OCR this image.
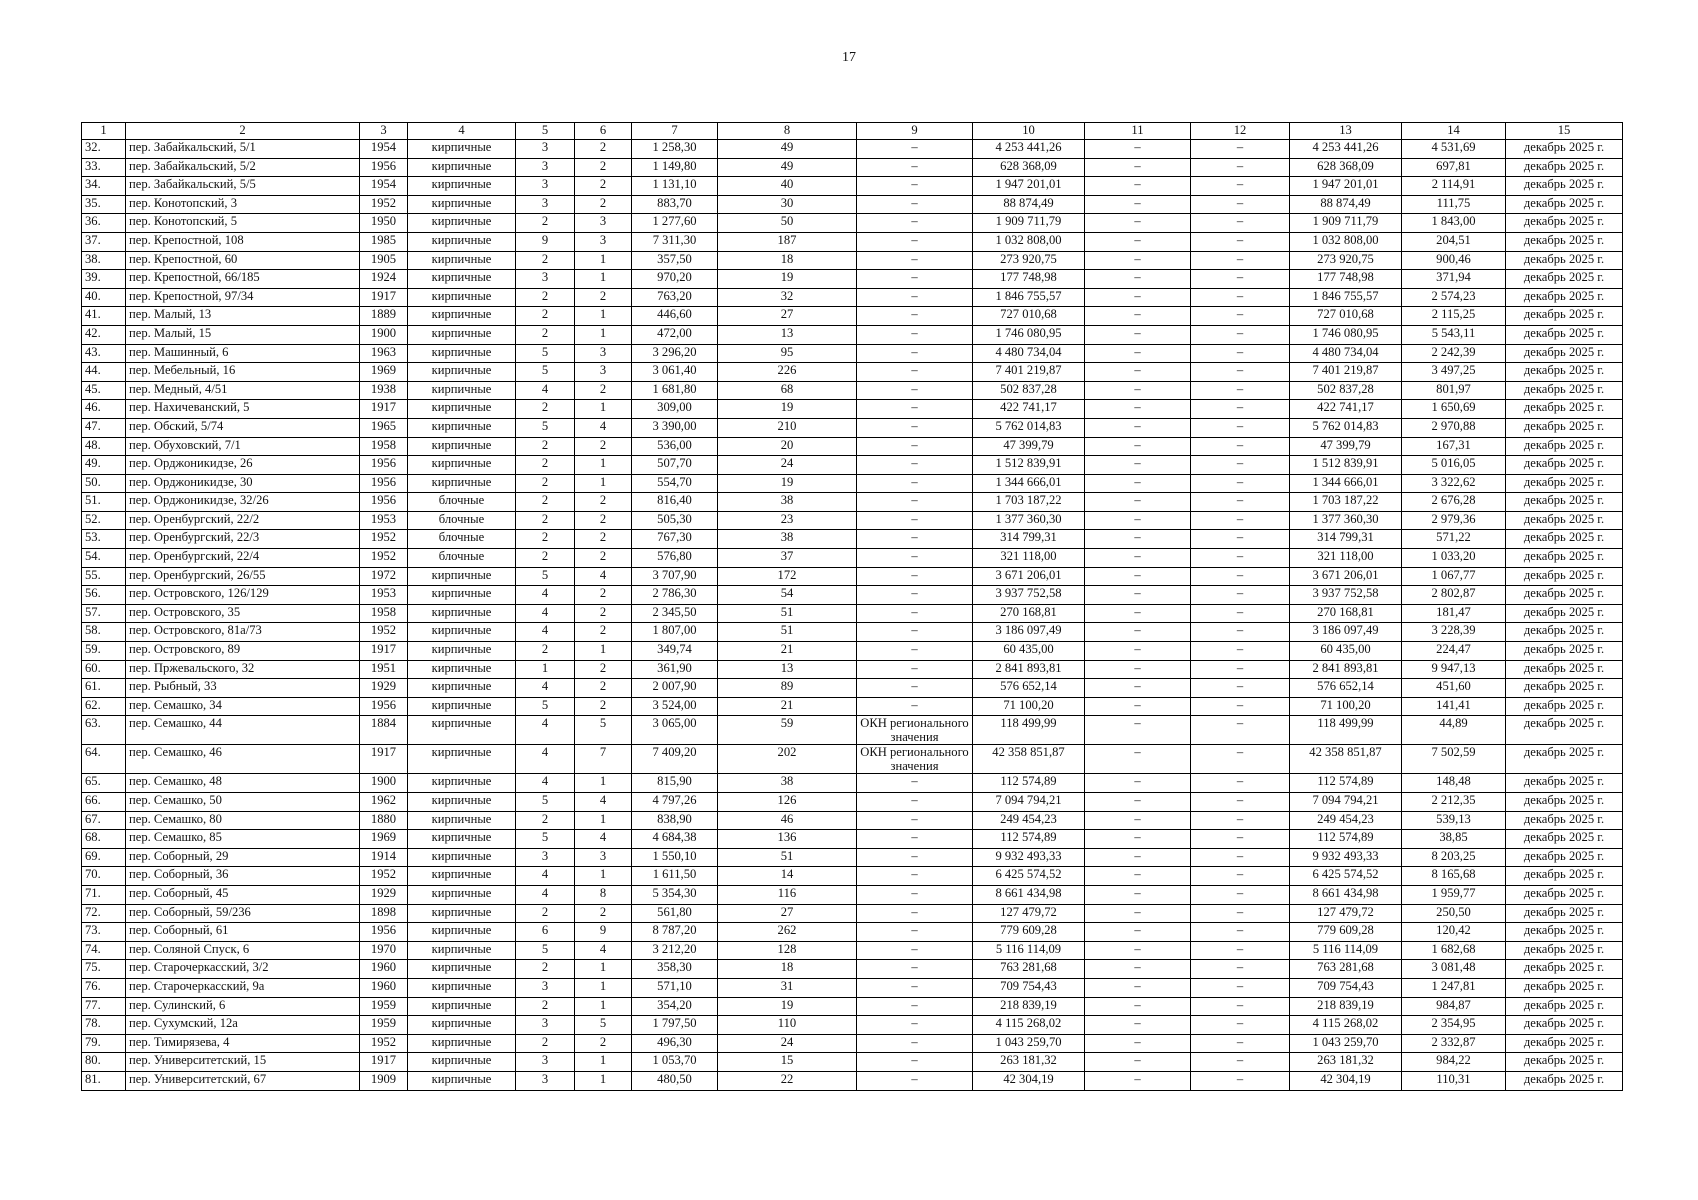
17
1	2	3	4	5	6	7	8	9	10	11	12	13	14	15
32.	пер. Забайкальский, 5/1	1954	кирпичные	3	2	1 258,30	49	–	4 253 441,26	–	–	4 253 441,26	4 531,69	декабрь 2025 г.
33.	пер. Забайкальский, 5/2	1956	кирпичные	3	2	1 149,80	49	–	628 368,09	–	–	628 368,09	697,81	декабрь 2025 г.
34.	пер. Забайкальский, 5/5	1954	кирпичные	3	2	1 131,10	40	–	1 947 201,01	–	–	1 947 201,01	2 114,91	декабрь 2025 г.
35.	пер. Конотопский, 3	1952	кирпичные	3	2	883,70	30	–	88 874,49	–	–	88 874,49	111,75	декабрь 2025 г.
36.	пер. Конотопский, 5	1950	кирпичные	2	3	1 277,60	50	–	1 909 711,79	–	–	1 909 711,79	1 843,00	декабрь 2025 г.
37.	пер. Крепостной, 108	1985	кирпичные	9	3	7 311,30	187	–	1 032 808,00	–	–	1 032 808,00	204,51	декабрь 2025 г.
38.	пер. Крепостной, 60	1905	кирпичные	2	1	357,50	18	–	273 920,75	–	–	273 920,75	900,46	декабрь 2025 г.
39.	пер. Крепостной, 66/185	1924	кирпичные	3	1	970,20	19	–	177 748,98	–	–	177 748,98	371,94	декабрь 2025 г.
40.	пер. Крепостной, 97/34	1917	кирпичные	2	2	763,20	32	–	1 846 755,57	–	–	1 846 755,57	2 574,23	декабрь 2025 г.
41.	пер. Малый, 13	1889	кирпичные	2	1	446,60	27	–	727 010,68	–	–	727 010,68	2 115,25	декабрь 2025 г.
42.	пер. Малый, 15	1900	кирпичные	2	1	472,00	13	–	1 746 080,95	–	–	1 746 080,95	5 543,11	декабрь 2025 г.
43.	пер. Машинный, 6	1963	кирпичные	5	3	3 296,20	95	–	4 480 734,04	–	–	4 480 734,04	2 242,39	декабрь 2025 г.
44.	пер. Мебельный, 16	1969	кирпичные	5	3	3 061,40	226	–	7 401 219,87	–	–	7 401 219,87	3 497,25	декабрь 2025 г.
45.	пер. Медный, 4/51	1938	кирпичные	4	2	1 681,80	68	–	502 837,28	–	–	502 837,28	801,97	декабрь 2025 г.
46.	пер. Нахичеванский, 5	1917	кирпичные	2	1	309,00	19	–	422 741,17	–	–	422 741,17	1 650,69	декабрь 2025 г.
47.	пер. Обский, 5/74	1965	кирпичные	5	4	3 390,00	210	–	5 762 014,83	–	–	5 762 014,83	2 970,88	декабрь 2025 г.
48.	пер. Обуховский, 7/1	1958	кирпичные	2	2	536,00	20	–	47 399,79	–	–	47 399,79	167,31	декабрь 2025 г.
49.	пер. Орджоникидзе, 26	1956	кирпичные	2	1	507,70	24	–	1 512 839,91	–	–	1 512 839,91	5 016,05	декабрь 2025 г.
50.	пер. Орджоникидзе, 30	1956	кирпичные	2	1	554,70	19	–	1 344 666,01	–	–	1 344 666,01	3 322,62	декабрь 2025 г.
51.	пер. Орджоникидзе, 32/26	1956	блочные	2	2	816,40	38	–	1 703 187,22	–	–	1 703 187,22	2 676,28	декабрь 2025 г.
52.	пер. Оренбургский, 22/2	1953	блочные	2	2	505,30	23	–	1 377 360,30	–	–	1 377 360,30	2 979,36	декабрь 2025 г.
53.	пер. Оренбургский, 22/3	1952	блочные	2	2	767,30	38	–	314 799,31	–	–	314 799,31	571,22	декабрь 2025 г.
54.	пер. Оренбургский, 22/4	1952	блочные	2	2	576,80	37	–	321 118,00	–	–	321 118,00	1 033,20	декабрь 2025 г.
55.	пер. Оренбургский, 26/55	1972	кирпичные	5	4	3 707,90	172	–	3 671 206,01	–	–	3 671 206,01	1 067,77	декабрь 2025 г.
56.	пер. Островского, 126/129	1953	кирпичные	4	2	2 786,30	54	–	3 937 752,58	–	–	3 937 752,58	2 802,87	декабрь 2025 г.
57.	пер. Островского, 35	1958	кирпичные	4	2	2 345,50	51	–	270 168,81	–	–	270 168,81	181,47	декабрь 2025 г.
58.	пер. Островского, 81а/73	1952	кирпичные	4	2	1 807,00	51	–	3 186 097,49	–	–	3 186 097,49	3 228,39	декабрь 2025 г.
59.	пер. Островского, 89	1917	кирпичные	2	1	349,74	21	–	60 435,00	–	–	60 435,00	224,47	декабрь 2025 г.
60.	пер. Пржевальского, 32	1951	кирпичные	1	2	361,90	13	–	2 841 893,81	–	–	2 841 893,81	9 947,13	декабрь 2025 г.
61.	пер. Рыбный, 33	1929	кирпичные	4	2	2 007,90	89	–	576 652,14	–	–	576 652,14	451,60	декабрь 2025 г.
62.	пер. Семашко, 34	1956	кирпичные	5	2	3 524,00	21	–	71 100,20	–	–	71 100,20	141,41	декабрь 2025 г.
63.	пер. Семашко, 44	1884	кирпичные	4	5	3 065,00	59	ОКН регионального значения	118 499,99	–	–	118 499,99	44,89	декабрь 2025 г.
64.	пер. Семашко, 46	1917	кирпичные	4	7	7 409,20	202	ОКН регионального значения	42 358 851,87	–	–	42 358 851,87	7 502,59	декабрь 2025 г.
65.	пер. Семашко, 48	1900	кирпичные	4	1	815,90	38	–	112 574,89	–	–	112 574,89	148,48	декабрь 2025 г.
66.	пер. Семашко, 50	1962	кирпичные	5	4	4 797,26	126	–	7 094 794,21	–	–	7 094 794,21	2 212,35	декабрь 2025 г.
67.	пер. Семашко, 80	1880	кирпичные	2	1	838,90	46	–	249 454,23	–	–	249 454,23	539,13	декабрь 2025 г.
68.	пер. Семашко, 85	1969	кирпичные	5	4	4 684,38	136	–	112 574,89	–	–	112 574,89	38,85	декабрь 2025 г.
69.	пер. Соборный, 29	1914	кирпичные	3	3	1 550,10	51	–	9 932 493,33	–	–	9 932 493,33	8 203,25	декабрь 2025 г.
70.	пер. Соборный, 36	1952	кирпичные	4	1	1 611,50	14	–	6 425 574,52	–	–	6 425 574,52	8 165,68	декабрь 2025 г.
71.	пер. Соборный, 45	1929	кирпичные	4	8	5 354,30	116	–	8 661 434,98	–	–	8 661 434,98	1 959,77	декабрь 2025 г.
72.	пер. Соборный, 59/236	1898	кирпичные	2	2	561,80	27	–	127 479,72	–	–	127 479,72	250,50	декабрь 2025 г.
73.	пер. Соборный, 61	1956	кирпичные	6	9	8 787,20	262	–	779 609,28	–	–	779 609,28	120,42	декабрь 2025 г.
74.	пер. Соляной Спуск, 6	1970	кирпичные	5	4	3 212,20	128	–	5 116 114,09	–	–	5 116 114,09	1 682,68	декабрь 2025 г.
75.	пер. Старочеркасский, 3/2	1960	кирпичные	2	1	358,30	18	–	763 281,68	–	–	763 281,68	3 081,48	декабрь 2025 г.
76.	пер. Старочеркасский, 9а	1960	кирпичные	3	1	571,10	31	–	709 754,43	–	–	709 754,43	1 247,81	декабрь 2025 г.
77.	пер. Сулинский, 6	1959	кирпичные	2	1	354,20	19	–	218 839,19	–	–	218 839,19	984,87	декабрь 2025 г.
78.	пер. Сухумский, 12а	1959	кирпичные	3	5	1 797,50	110	–	4 115 268,02	–	–	4 115 268,02	2 354,95	декабрь 2025 г.
79.	пер. Тимирязева, 4	1952	кирпичные	2	2	496,30	24	–	1 043 259,70	–	–	1 043 259,70	2 332,87	декабрь 2025 г.
80.	пер. Университетский, 15	1917	кирпичные	3	1	1 053,70	15	–	263 181,32	–	–	263 181,32	984,22	декабрь 2025 г.
81.	пер. Университетский, 67	1909	кирпичные	3	1	480,50	22	–	42 304,19	–	–	42 304,19	110,31	декабрь 2025 г.
